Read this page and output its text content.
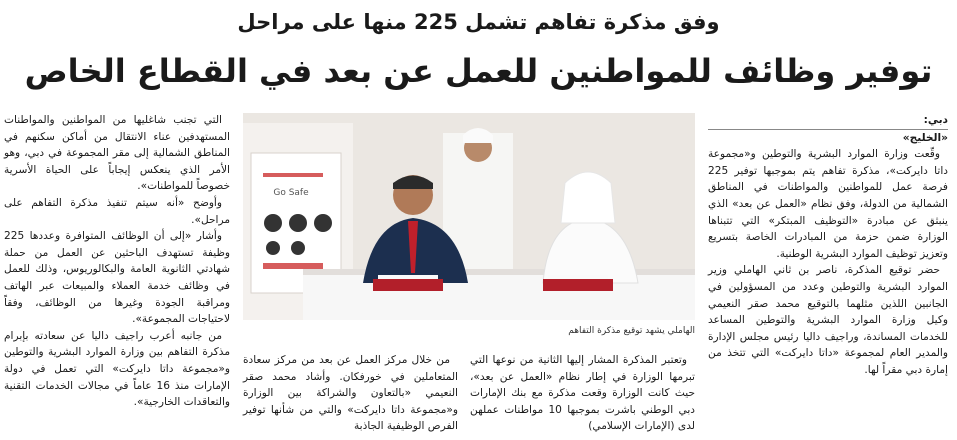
وفق مذكرة تفاهم تشمل 225 منها على مراحل
توفير وظائف للمواطنين للعمل عن بعد في القطاع الخاص

دبي:

«الخليج»

وقّعت وزارة الموارد البشرية والتوطين و«مجموعة داتا دايركت»، مذكرة تفاهم يتم بموجبها توفير 225 فرصة عمل للمواطنين والمواطنات في المناطق الشمالية من الدولة، وفق نظام «العمل عن بعد» الذي ينبثق عن مبادرة «التوظيف المبتكر» التي تتبناها الوزارة ضمن حزمة من المبادرات الخاصة بتسريع وتعزيز توظيف الموارد البشرية الوطنية.

حضر توقيع المذكرة، ناصر بن ثاني الهاملي وزير الموارد البشرية والتوطين وعدد من المسؤولين في الجانبين اللذين مثلهما بالتوقيع محمد صقر النعيمي وكيل وزارة الموارد البشرية والتوطين المساعد للخدمات المساندة، وراجيف داليا رئيس مجلس الإدارة والمدير العام لمجموعة «داتا دايركت» التي تتخذ من إمارة دبي مقراً لها.

Go Safe
الهاملي يشهد توقيع مذكرة التفاهم

وتعتبر المذكرة المشار إليها الثانية من نوعها التي تبرمها الوزارة في إطار نظام «العمل عن بعد»، حيث كانت الوزارة وقعت مذكرة مع بنك الإمارات دبي الوطني باشرت بموجبها 10 مواطنات عملهن لدى (الإمارات الإسلامي)

من خلال مركز العمل عن بعد من مركز سعادة المتعاملين في خورفكان. وأشاد محمد صقر النعيمي «بالتعاون والشراكة بين الوزارة و«مجموعة داتا دايركت» والتي من شأنها توفير الفرص الوظيفية الجاذبة

التي تجنب شاغليها من المواطنين والمواطنات المستهدفين عناء الانتقال من أماكن سكنهم في المناطق الشمالية إلى مقر المجموعة في دبي، وهو الأمر الذي ينعكس إيجاباً على الحياة الأسرية خصوصاً للمواطنات».

وأوضح «أنه سيتم تنفيذ مذكرة التفاهم على مراحل».

وأشار «إلى أن الوظائف المتوافرة وعددها 225 وظيفة تستهدف الباحثين عن العمل من حملة شهادتي الثانوية العامة والبكالوريوس، وذلك للعمل في وظائف خدمة العملاء والمبيعات عبر الهاتف ومراقبة الجودة وغيرها من الوظائف، وفقاً لاحتياجات المجموعة».

من جانبه أعرب راجيف داليا عن سعادته بإبرام مذكرة التفاهم بين وزارة الموارد البشرية والتوطين و«مجموعة داتا دايركت» التي تعمل في دولة الإمارات منذ 16 عاماً في مجالات الخدمات التقنية والتعاقدات الخارجية».
